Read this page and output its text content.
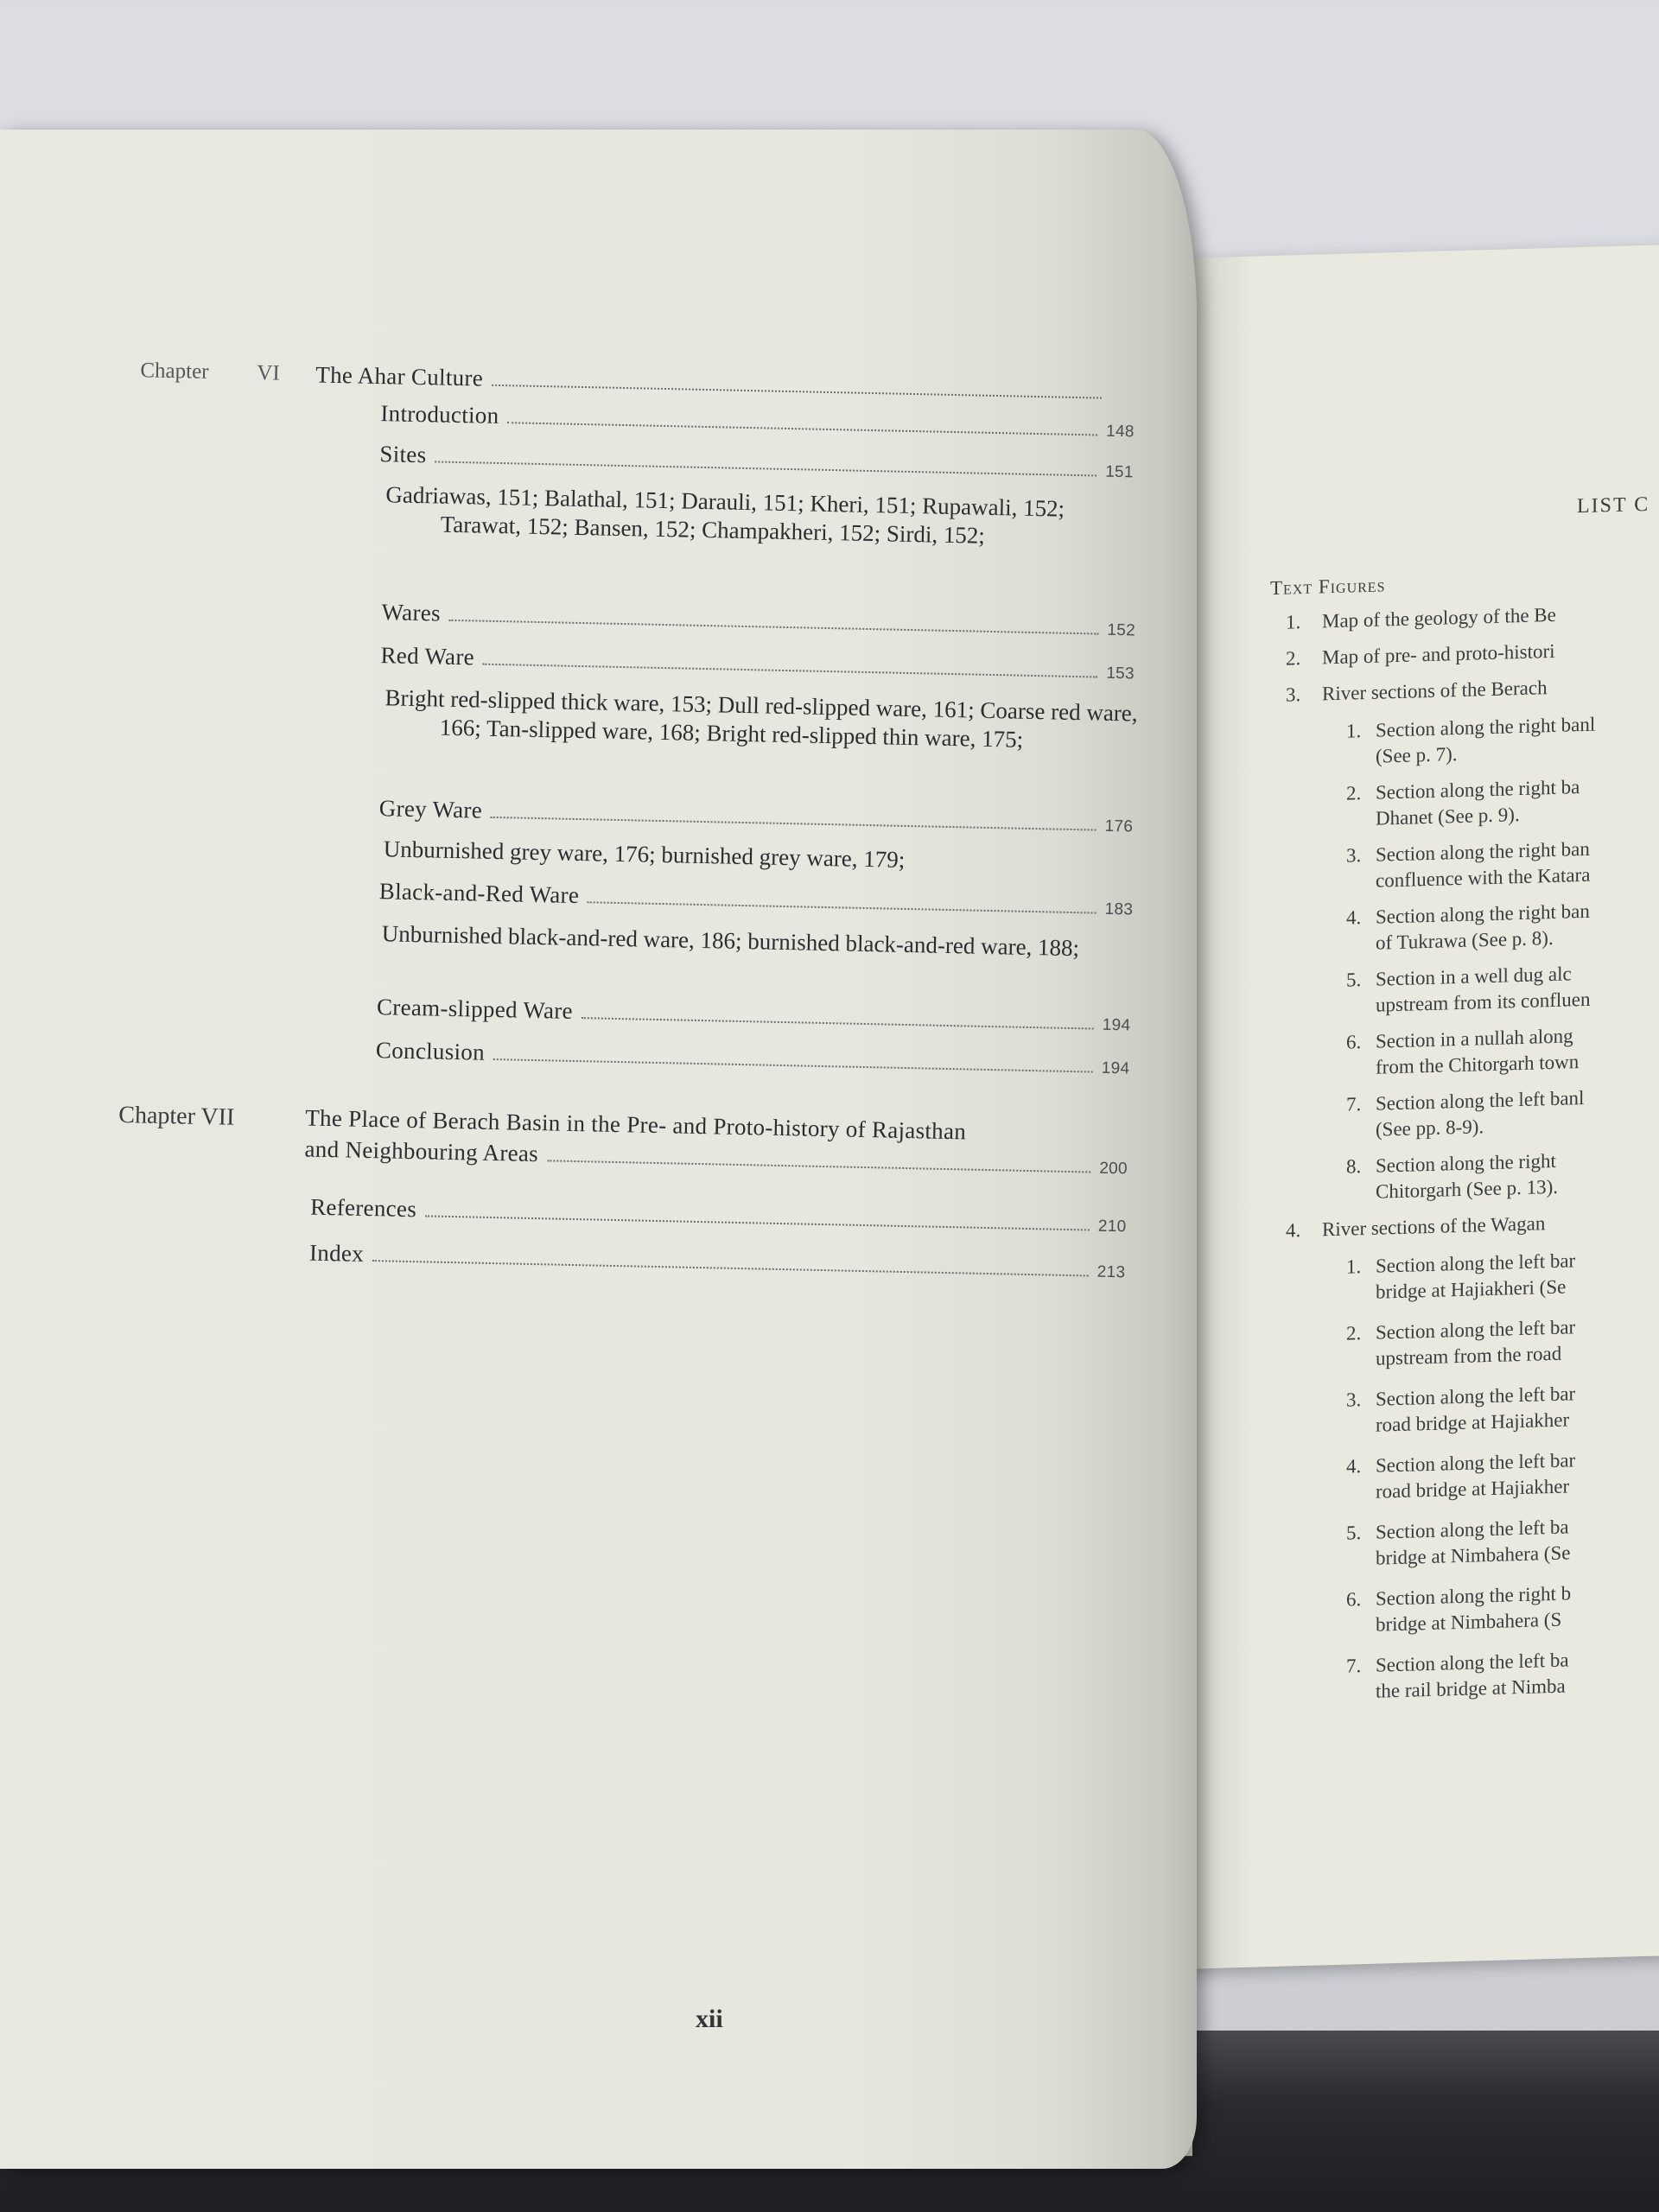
LIST C
Text Figures
1. Map of the geology of the Be
2. Map of pre- and proto-histori
3. River sections of the Berach
1. Section along the right banl
(See p. 7).
2. Section along the right ba
Dhanet (See p. 9).
3. Section along the right ban
confluence with the Katara
4. Section along the right ban
of Tukrawa (See p. 8).
5. Section in a well dug alc
upstream from its confluen
6. Section in a nullah along
from the Chitorgarh town
7. Section along the left banl
(See pp. 8-9).
8. Section along the right
Chitorgarh (See p. 13).
4. River sections of the Wagan
1. Section along the left bar
bridge at Hajiakheri (Se
2. Section along the left bar
upstream from the road
3. Section along the left bar
road bridge at Hajiakher
4. Section along the left bar
road bridge at Hajiakher
5. Section along the left ba
bridge at Nimbahera (Se
6. Section along the right b
bridge at Nimbahera (S
7. Section along the left ba
the rail bridge at Nimba
Chapter VI The Ahar Culture
Introduction
148
Sites
151
Gadriawas, 151; Balathal, 151; Darauli, 151; Kheri, 151; Rupawali, 152; Tarawat, 152; Bansen, 152; Champakheri, 152; Sirdi, 152;
Wares
152
Red Ware
153
Bright red-slipped thick ware, 153; Dull red-slipped ware, 161; Coarse red ware, 166; Tan-slipped ware, 168; Bright red-slipped thin ware, 175;
Grey Ware
176
Unburnished grey ware, 176; burnished grey ware, 179;
Black-and-Red Ware
183
Unburnished black-and-red ware, 186; burnished black-and-red ware, 188;
Cream-slipped Ware
194
Conclusion
194
Chapter VII	The Place of Berach Basin in the Pre- and Proto-history of Rajasthan
and Neighbouring Areas
200
References
210
Index
213
xii
